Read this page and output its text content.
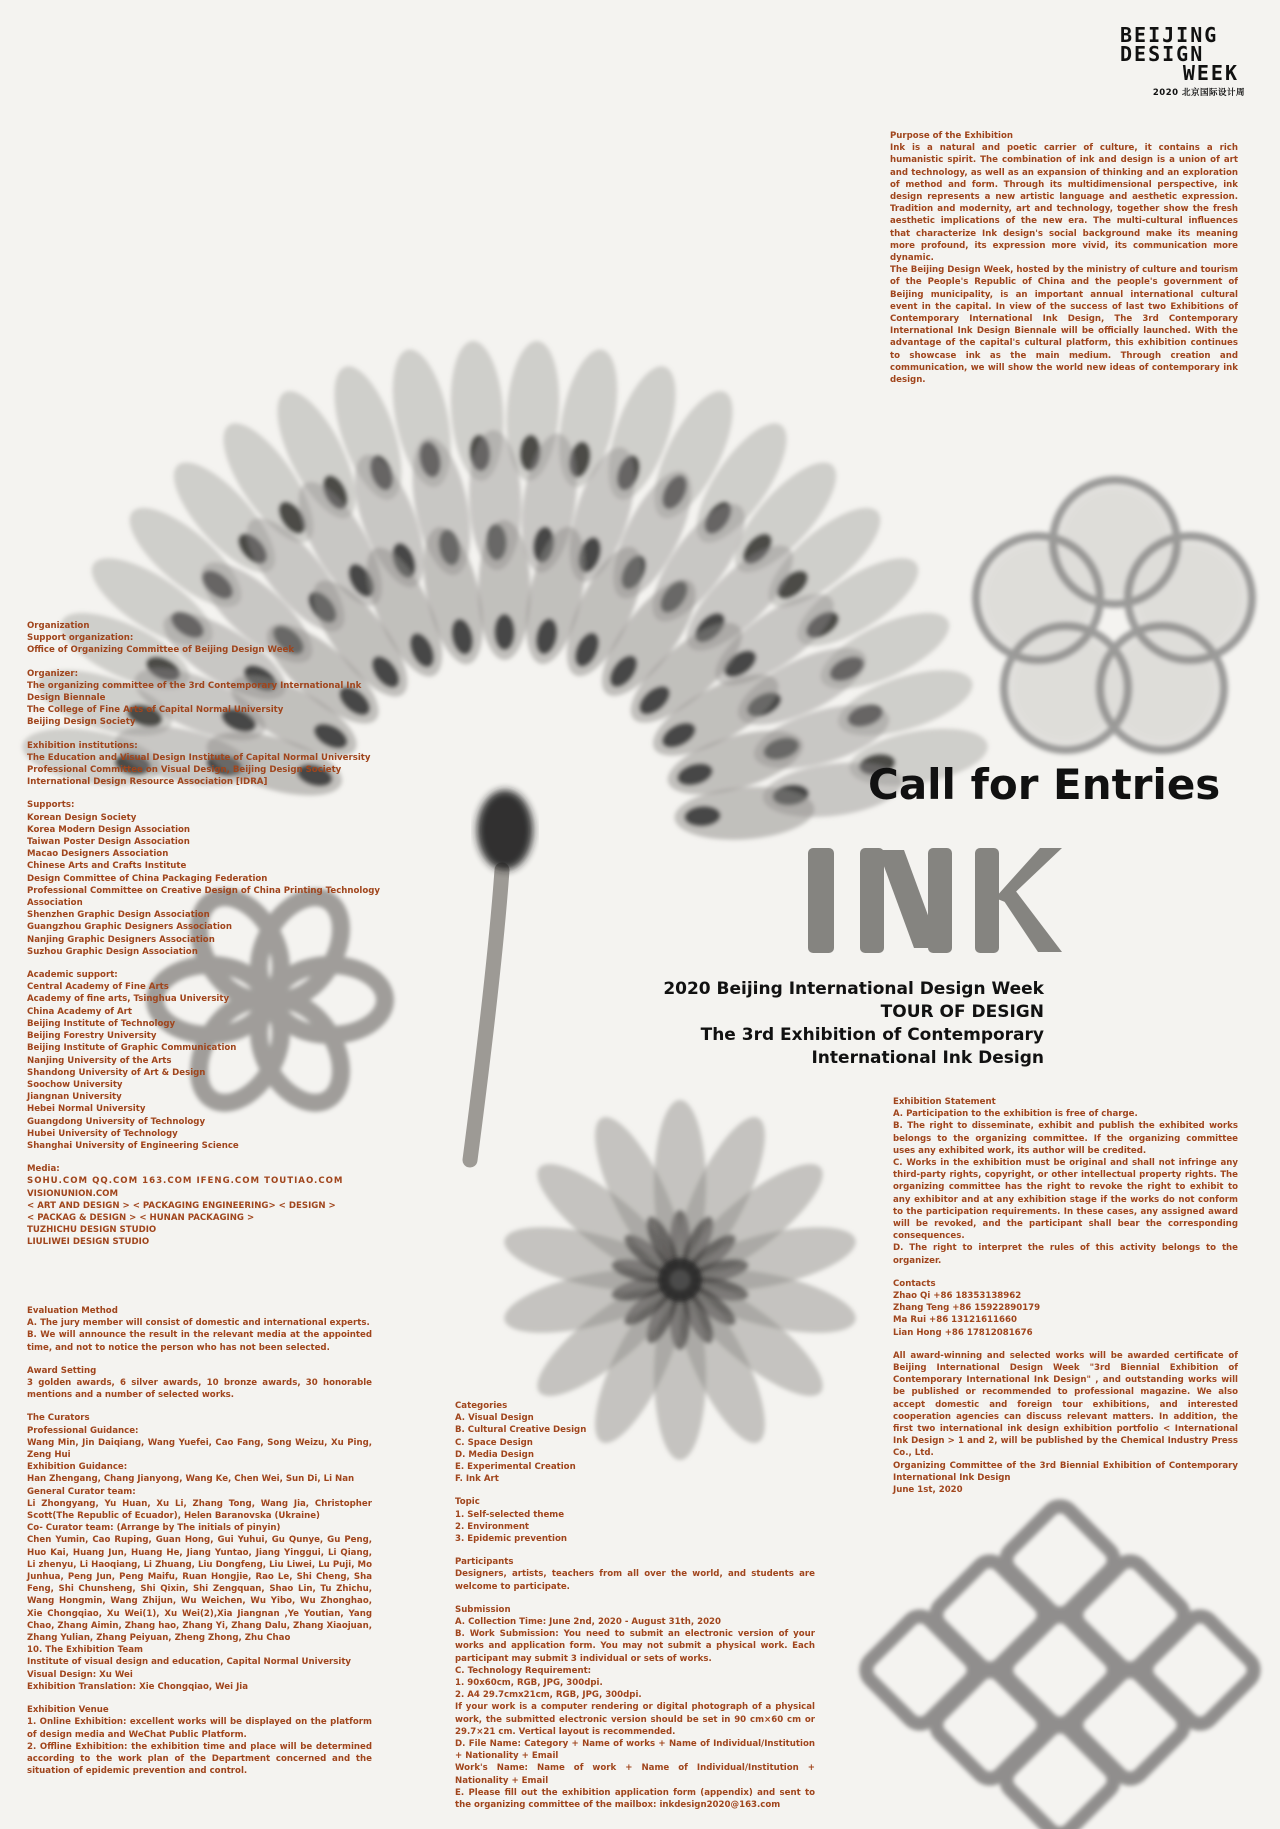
INK
BEIJING
DESIGN
WEEK
2020 北京国际设计周

Purpose of the Exhibition

Ink is a natural and poetic carrier of culture, it contains a rich humanistic spirit. The combination of ink and design is a union of art and technology, as well as an expansion of thinking and an exploration of method and form. Through its multidimensional perspective, ink design represents a new artistic language and aesthetic expression. Tradition and modernity, art and technology, together show the fresh aesthetic implications of the new era. The multi-cultural influences that characterize Ink design's social background make its meaning more profound, its expression more vivid, its communication more dynamic.

The Beijing Design Week, hosted by the ministry of culture and tourism of the People's Republic of China and the people's government of Beijing municipality, is an important annual international cultural event in the capital. In view of the success of last two Exhibitions of Contemporary International Ink Design, The 3rd Contemporary International Ink Design Biennale will be officially launched. With the advantage of the capital's cultural platform, this exhibition continues to showcase ink as the main medium. Through creation and communication, we will show the world new ideas of contemporary ink design.

Call for Entries
2020 Beijing International Design Week
TOUR OF DESIGN
The 3rd Exhibition of Contemporary
International Ink Design

Organization

Support organization:

Office of Organizing Committee of Beijing Design Week

Organizer:

The organizing committee of the 3rd Contemporary International Ink Design Biennale

The College of Fine Arts of Capital Normal University

Beijing Design Society

Exhibition institutions:

The Education and Visual Design Institute of Capital Normal University

Professional Committee on Visual Design, Beijing Design Society

International Design Resource Association [IDRA]

Supports:

Korean Design Society

Korea Modern Design Association

Taiwan Poster Design Association

Macao Designers Association

Chinese Arts and Crafts Institute

Design Committee of China Packaging Federation

Professional Committee on Creative Design of China Printing Technology Association

Shenzhen Graphic Design Association

Guangzhou Graphic Designers Association

Nanjing Graphic Designers Association

Suzhou Graphic Design Association

Academic support:

Central Academy of Fine Arts

Academy of fine arts, Tsinghua University

China Academy of Art

Beijing Institute of Technology

Beijing Forestry University

Beijing Institute of Graphic Communication

Nanjing University of the Arts

Shandong University of Art & Design

Soochow University

Jiangnan University

Hebei Normal University

Guangdong University of Technology

Hubei University of Technology

Shanghai University of Engineering Science

Media:

SOHU.COM QQ.COM 163.COM IFENG.COM TOUTIAO.COM

VISIONUNION.COM

< ART AND DESIGN > < PACKAGING ENGINEERING> < DESIGN >

< PACKAG & DESIGN > < HUNAN PACKAGING >

TUZHICHU DESIGN STUDIO

LIULIWEI DESIGN STUDIO

Evaluation Method

A. The jury member will consist of domestic and international experts.

B. We will announce the result in the relevant media at the appointed time, and not to notice the person who has not been selected.

Award Setting

3 golden awards, 6 silver awards, 10 bronze awards, 30 honorable mentions and a number of selected works.

The Curators

Professional Guidance:

Wang Min, Jin Daiqiang, Wang Yuefei, Cao Fang, Song Weizu, Xu Ping, Zeng Hui

Exhibition Guidance:

Han Zhengang, Chang Jianyong, Wang Ke, Chen Wei, Sun Di, Li Nan

General Curator team:

Li Zhongyang, Yu Huan, Xu Li, Zhang Tong, Wang Jia, Christopher Scott(The Republic of Ecuador), Helen Baranovska (Ukraine)

Co- Curator team: (Arrange by The initials of pinyin)

Chen Yumin, Cao Ruping, Guan Hong, Gui Yuhui, Gu Qunye, Gu Peng, Huo Kai, Huang Jun, Huang He, Jiang Yuntao, Jiang Yinggui, Li Qiang, Li zhenyu, Li Haoqiang, Li Zhuang, Liu Dongfeng, Liu Liwei, Lu Puji, Mo Junhua, Peng Jun, Peng Maifu, Ruan Hongjie, Rao Le, Shi Cheng, Sha Feng, Shi Chunsheng, Shi Qixin, Shi Zengquan, Shao Lin, Tu Zhichu, Wang Hongmin, Wang Zhijun, Wu Weichen, Wu Yibo, Wu Zhonghao, Xie Chongqiao, Xu Wei(1), Xu Wei(2),Xia Jiangnan ,Ye Youtian, Yang Chao, Zhang Aimin, Zhang hao, Zhang Yi, Zhang Dalu, Zhang Xiaojuan, Zhang Yulian, Zhang Peiyuan, Zheng Zhong, Zhu Chao

10. The Exhibition Team

Institute of visual design and education, Capital Normal University

Visual Design: Xu Wei

Exhibition Translation: Xie Chongqiao, Wei Jia

Exhibition Venue

1. Online Exhibition: excellent works will be displayed on the platform of design media and WeChat Public Platform.

2. Offline Exhibition: the exhibition time and place will be determined according to the work plan of the Department concerned and the situation of epidemic prevention and control.

Categories

A. Visual Design

B. Cultural Creative Design

C. Space Design

D. Media Design

E. Experimental Creation

F. Ink Art

Topic

1. Self-selected theme

2. Environment

3. Epidemic prevention

Participants

Designers, artists, teachers from all over the world, and students are welcome to participate.

Submission

A. Collection Time: June 2nd, 2020 - August 31th, 2020

B. Work Submission: You need to submit an electronic version of your works and application form. You may not submit a physical work. Each participant may submit 3 individual or sets of works.

C. Technology Requirement:

1. 90x60cm, RGB, JPG, 300dpi.

2. A4 29.7cmx21cm, RGB, JPG, 300dpi.

If your work is a computer rendering or digital photograph of a physical work, the submitted electronic version should be set in 90 cm×60 cm or 29.7×21 cm. Vertical layout is recommended.

D. File Name: Category + Name of works + Name of Individual/Institution + Nationality + Email

Work's Name: Name of work + Name of Individual/Institution + Nationality + Email

E. Please fill out the exhibition application form (appendix) and sent to the organizing committee of the mailbox: inkdesign2020@163.com

Exhibition Statement

A. Participation to the exhibition is free of charge.

B. The right to disseminate, exhibit and publish the exhibited works belongs to the organizing committee. If the organizing committee uses any exhibited work, its author will be credited.

C. Works in the exhibition must be original and shall not infringe any third-party rights, copyright, or other intellectual property rights. The organizing committee has the right to revoke the right to exhibit to any exhibitor and at any exhibition stage if the works do not conform to the participation requirements. In these cases, any assigned award will be revoked, and the participant shall bear the corresponding consequences.

D. The right to interpret the rules of this activity belongs to the organizer.

Contacts

Zhao Qi +86 18353138962

Zhang Teng +86 15922890179

Ma Rui +86 13121611660

Lian Hong +86 17812081676

All award-winning and selected works will be awarded certificate of Beijing International Design Week "3rd Biennial Exhibition of Contemporary International Ink Design" , and outstanding works will be published or recommended to professional magazine. We also accept domestic and foreign tour exhibitions, and interested cooperation agencies can discuss relevant matters. In addition, the first two international ink design exhibition portfolio < International Ink Design > 1 and 2, will be published by the Chemical Industry Press Co., Ltd.

Organizing Committee of the 3rd Biennial Exhibition of Contemporary International Ink Design

June 1st, 2020
